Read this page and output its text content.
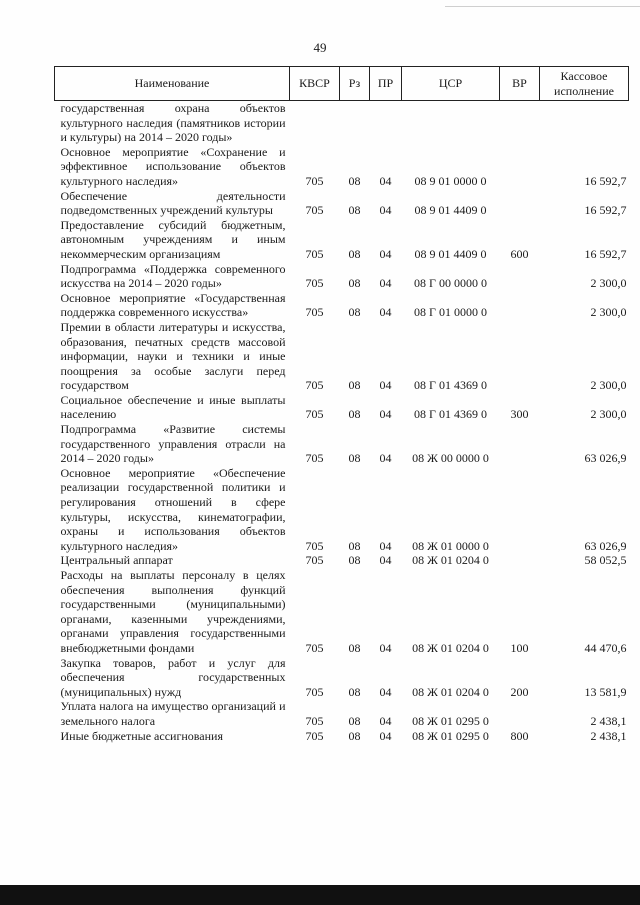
49
Наименование	КВСР	Рз	ПР	ЦСР	ВР	Кассовое исполнение
государственная охрана объектов культурного наследия (памятников истории и культуры) на 2014 – 2020 годы»						
Основное мероприятие «Сохранение и эффективное использование объектов культурного наследия»	705	08	04	08 9 01 0000 0		16 592,7
Обеспечение деятельности подведомственных учреждений культуры	705	08	04	08 9 01 4409 0		16 592,7
Предоставление субсидий бюджетным, автономным учреждениям и иным некоммерческим организациям	705	08	04	08 9 01 4409 0	600	16 592,7
Подпрограмма «Поддержка современного искусства на 2014 – 2020 годы»	705	08	04	08 Г 00 0000 0		2 300,0
Основное мероприятие «Государственная поддержка современного искусства»	705	08	04	08 Г 01 0000 0		2 300,0
Премии в области литературы и искусства, образования, печатных средств массовой информации, науки и техники и иные поощрения за особые заслуги перед государством	705	08	04	08 Г 01 4369 0		2 300,0
Социальное обеспечение и иные выплаты населению	705	08	04	08 Г 01 4369 0	300	2 300,0
Подпрограмма «Развитие системы государственного управления отрасли на 2014 – 2020 годы»	705	08	04	08 Ж 00 0000 0		63 026,9
Основное мероприятие «Обеспечение реализации государственной политики и регулирования отношений в сфере культуры, искусства, кинематографии, охраны и использования объектов культурного наследия»	705	08	04	08 Ж 01 0000 0		63 026,9
Центральный аппарат	705	08	04	08 Ж 01 0204 0		58 052,5
Расходы на выплаты персоналу в целях обеспечения выполнения функций государственными (муниципальными) органами, казенными учреждениями, органами управления государственными внебюджетными фондами	705	08	04	08 Ж 01 0204 0	100	44 470,6
Закупка товаров, работ и услуг для обеспечения государственных (муниципальных) нужд	705	08	04	08 Ж 01 0204 0	200	13 581,9
Уплата налога на имущество организаций и земельного налога	705	08	04	08 Ж 01 0295 0		2 438,1
Иные бюджетные ассигнования	705	08	04	08 Ж 01 0295 0	800	2 438,1
